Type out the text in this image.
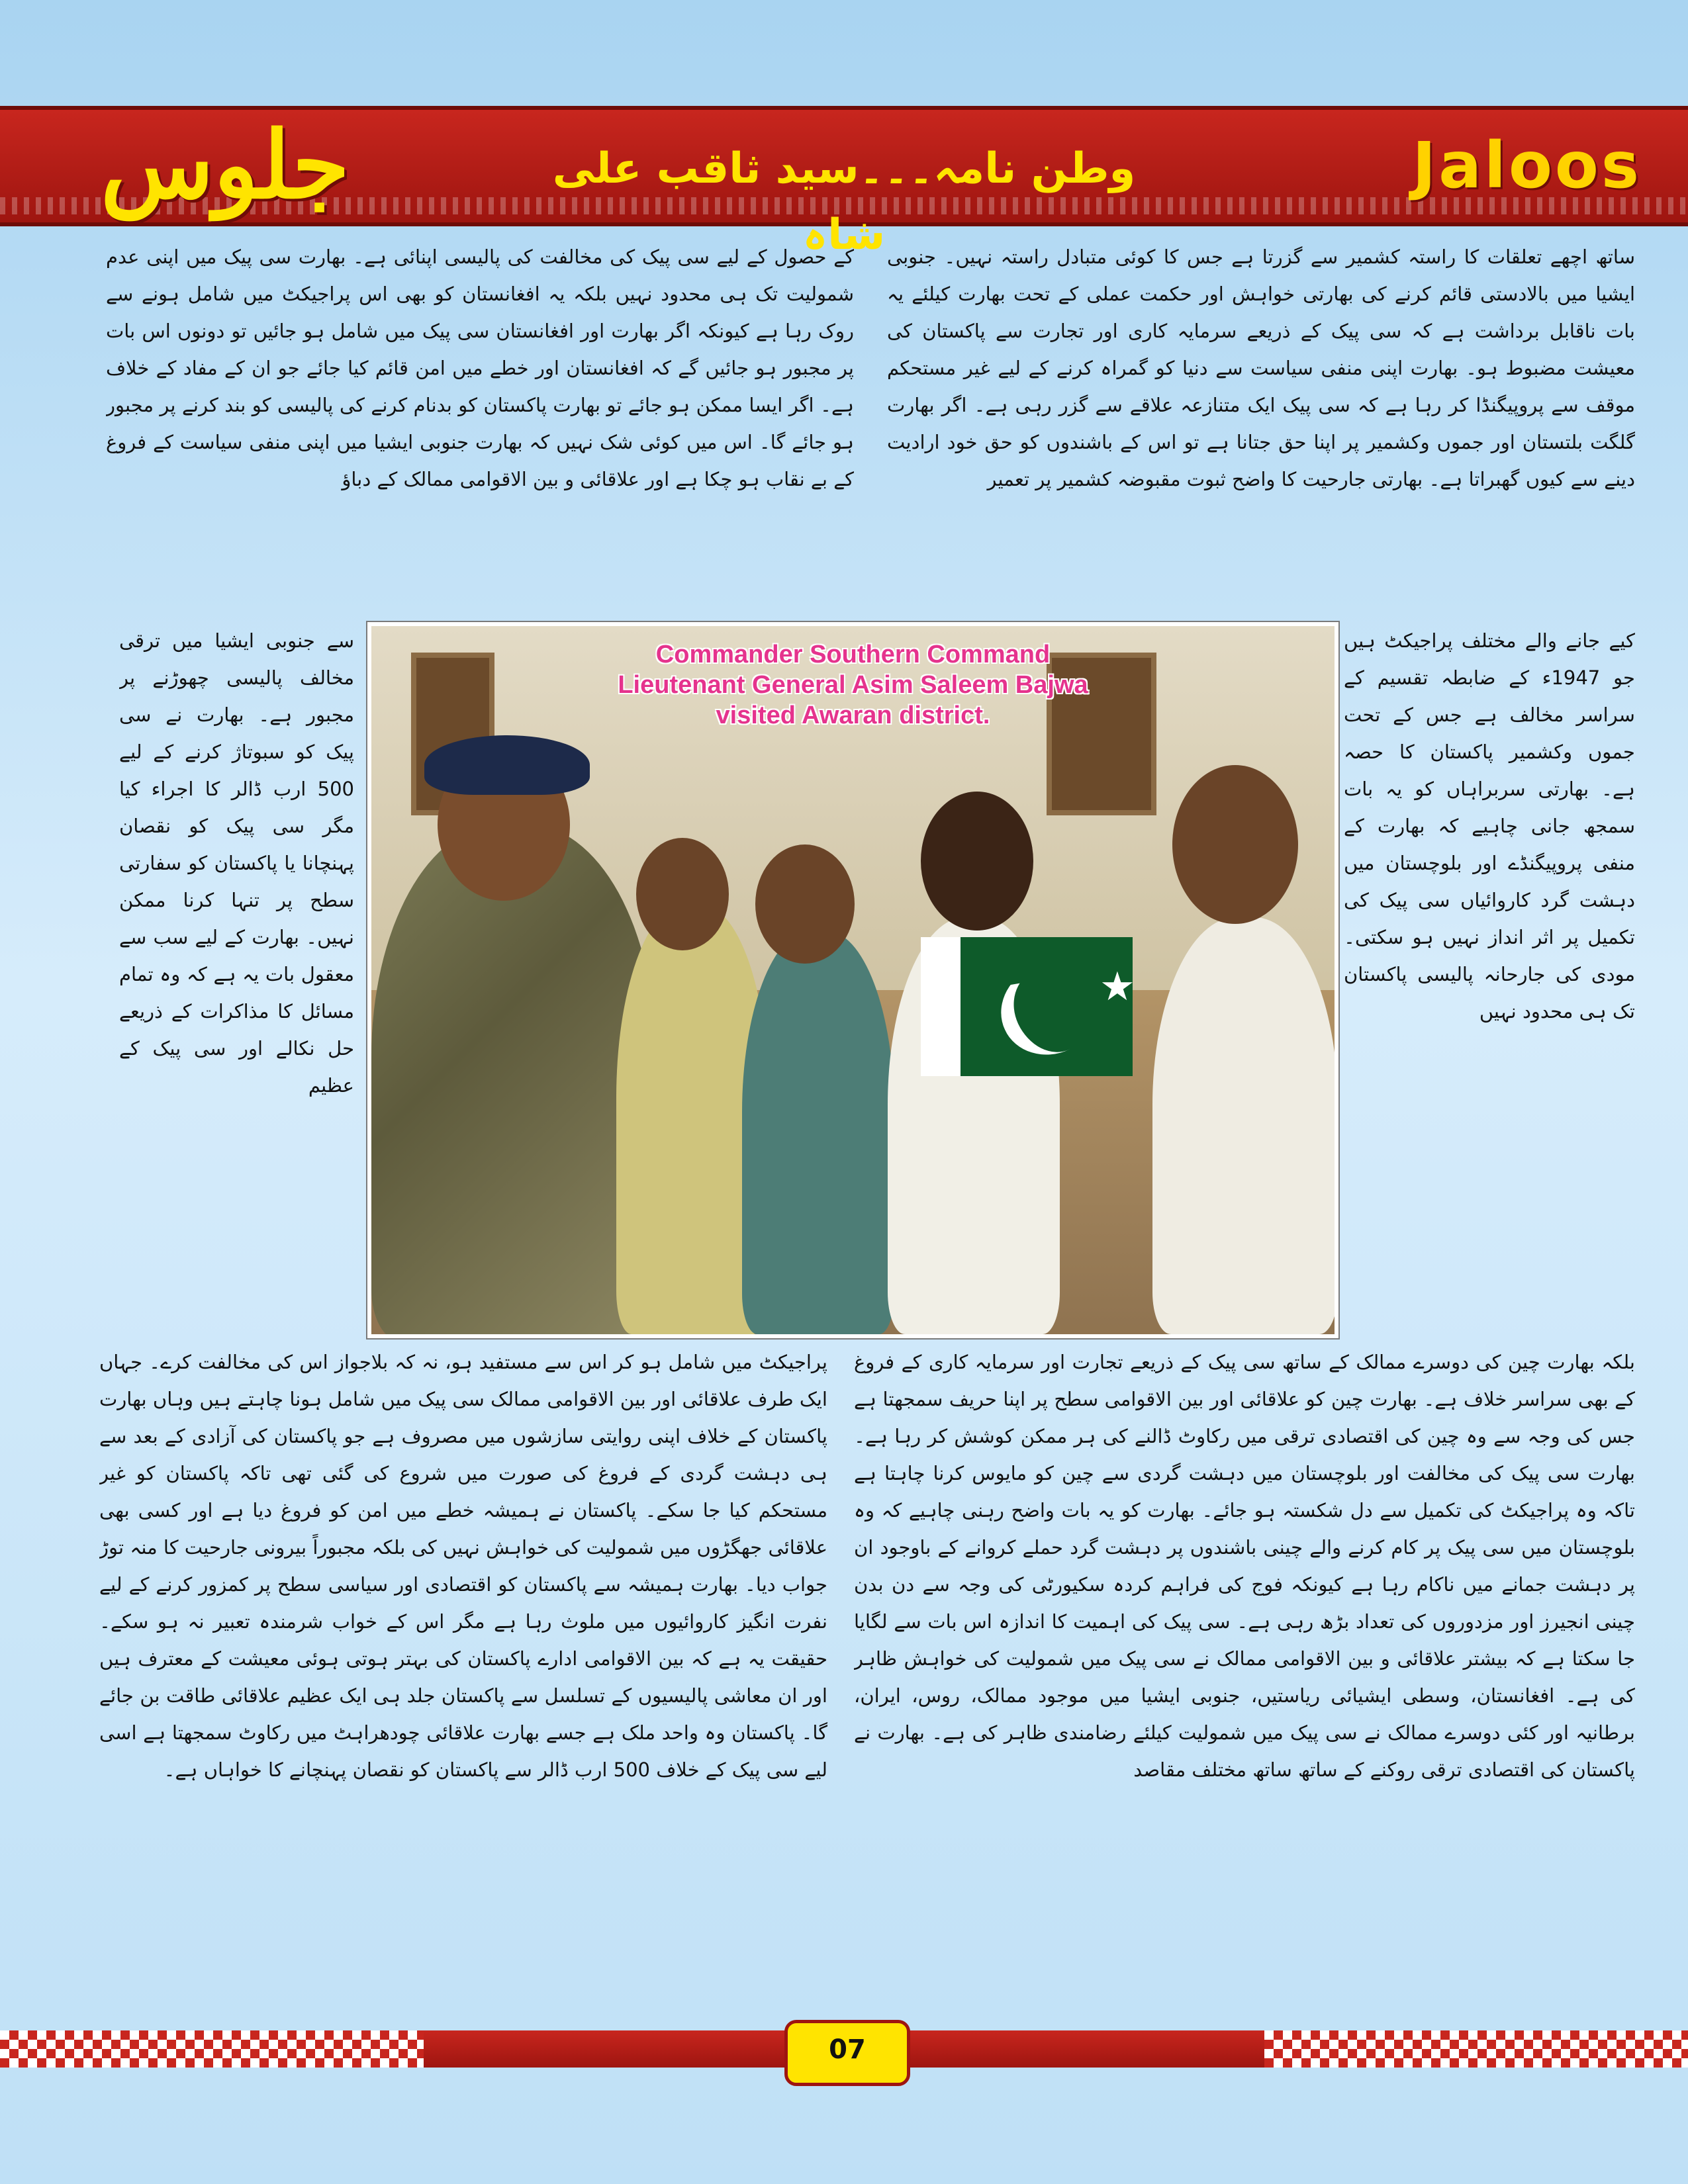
جلوس	وطن نامہ۔۔۔سید ثاقب علی شاہ
Jaloos

ساتھ اچھے تعلقات کا راستہ کشمیر سے گزرتا ہے جس کا کوئی متبادل راستہ نہیں۔ جنوبی ایشیا میں بالادستی قائم کرنے کی بھارتی خواہش اور حکمت عملی کے تحت بھارت کیلئے یہ بات ناقابل برداشت ہے کہ سی پیک کے ذریعے سرمایہ کاری اور تجارت سے پاکستان کی معیشت مضبوط ہو۔ بھارت اپنی منفی سیاست سے دنیا کو گمراہ کرنے کے لیے غیر مستحکم موقف سے پروپیگنڈا کر رہا ہے کہ سی پیک ایک متنازعہ علاقے سے گزر رہی ہے۔ اگر بھارت گلگت بلتستان اور جموں وکشمیر پر اپنا حق جتانا ہے تو اس کے باشندوں کو حق خود ارادیت دینے سے کیوں گھبراتا ہے۔ بھارتی جارحیت کا واضح ثبوت مقبوضہ کشمیر پر تعمیر

کے حصول کے لیے سی پیک کی مخالفت کی پالیسی اپنائی ہے۔ بھارت سی پیک میں اپنی عدم شمولیت تک ہی محدود نہیں بلکہ یہ افغانستان کو بھی اس پراجیکٹ میں شامل ہونے سے روک رہا ہے کیونکہ اگر بھارت اور افغانستان سی پیک میں شامل ہو جائیں تو دونوں اس بات پر مجبور ہو جائیں گے کہ افغانستان اور خطے میں امن قائم کیا جائے جو ان کے مفاد کے خلاف ہے۔ اگر ایسا ممکن ہو جائے تو بھارت پاکستان کو بدنام کرنے کی پالیسی کو بند کرنے پر مجبور ہو جائے گا۔ اس میں کوئی شک نہیں کہ بھارت جنوبی ایشیا میں اپنی منفی سیاست کے فروغ کے بے نقاب ہو چکا ہے اور علاقائی و بین الاقوامی ممالک کے دباؤ

کیے جانے والے مختلف پراجیکٹ ہیں جو 1947ء کے ضابطہ تقسیم کے سراسر مخالف ہے جس کے تحت جموں وکشمیر پاکستان کا حصہ ہے۔ بھارتی سربراہاں کو یہ بات سمجھ جانی چاہیے کہ بھارت کے منفی پروپیگنڈے اور بلوچستان میں دہشت گرد کاروائیاں سی پیک کی تکمیل پر اثر انداز نہیں ہو سکتی۔ مودی کی جارحانہ پالیسی پاکستان تک ہی محدود نہیں

سے جنوبی ایشیا میں ترقی مخالف پالیسی چھوڑنے پر مجبور ہے۔ بھارت نے سی پیک کو سبوتاژ کرنے کے لیے 500 ارب ڈالر کا اجراء کیا مگر سی پیک کو نقصان پہنچانا یا پاکستان کو سفارتی سطح پر تنہا کرنا ممکن نہیں۔ بھارت کے لیے سب سے معقول بات یہ ہے کہ وہ تمام مسائل کا مذاکرات کے ذریعے حل نکالے اور سی پیک کے عظیم

★
Commander Southern Command
Lieutenant General Asim Saleem Bajwa
visited Awaran district.

بلکہ بھارت چین کی دوسرے ممالک کے ساتھ سی پیک کے ذریعے تجارت اور سرمایہ کاری کے فروغ کے بھی سراسر خلاف ہے۔ بھارت چین کو علاقائی اور بین الاقوامی سطح پر اپنا حریف سمجھتا ہے جس کی وجہ سے وہ چین کی اقتصادی ترقی میں رکاوٹ ڈالنے کی ہر ممکن کوشش کر رہا ہے۔ بھارت سی پیک کی مخالفت اور بلوچستان میں دہشت گردی سے چین کو مایوس کرنا چاہتا ہے تاکہ وہ پراجیکٹ کی تکمیل سے دل شکستہ ہو جائے۔ بھارت کو یہ بات واضح رہنی چاہیے کہ وہ بلوچستان میں سی پیک پر کام کرنے والے چینی باشندوں پر دہشت گرد حملے کروانے کے باوجود ان پر دہشت جمانے میں ناکام رہا ہے کیونکہ فوج کی فراہم کردہ سکیورٹی کی وجہ سے دن بدن چینی انجیرز اور مزدوروں کی تعداد بڑھ رہی ہے۔ سی پیک کی اہمیت کا اندازہ اس بات سے لگایا جا سکتا ہے کہ بیشتر علاقائی و بین الاقوامی ممالک نے سی پیک میں شمولیت کی خواہش ظاہر کی ہے۔ افغانستان، وسطی ایشیائی ریاستیں، جنوبی ایشیا میں موجود ممالک، روس، ایران، برطانیہ اور کئی دوسرے ممالک نے سی پیک میں شمولیت کیلئے رضامندی ظاہر کی ہے۔ بھارت نے پاکستان کی اقتصادی ترقی روکنے کے ساتھ ساتھ مختلف مقاصد

پراجیکٹ میں شامل ہو کر اس سے مستفید ہو، نہ کہ بلاجواز اس کی مخالفت کرے۔ جہاں ایک طرف علاقائی اور بین الاقوامی ممالک سی پیک میں شامل ہونا چاہتے ہیں وہاں بھارت پاکستان کے خلاف اپنی روایتی سازشوں میں مصروف ہے جو پاکستان کی آزادی کے بعد سے ہی دہشت گردی کے فروغ کی صورت میں شروع کی گئی تھی تاکہ پاکستان کو غیر مستحکم کیا جا سکے۔ پاکستان نے ہمیشہ خطے میں امن کو فروغ دیا ہے اور کسی بھی علاقائی جھگڑوں میں شمولیت کی خواہش نہیں کی بلکہ مجبوراً بیرونی جارحیت کا منہ توڑ جواب دیا۔ بھارت ہمیشہ سے پاکستان کو اقتصادی اور سیاسی سطح پر کمزور کرنے کے لیے نفرت انگیز کاروائیوں میں ملوث رہا ہے مگر اس کے خواب شرمندہ تعبیر نہ ہو سکے۔ حقیقت یہ ہے کہ بین الاقوامی ادارے پاکستان کی بہتر ہوتی ہوئی معیشت کے معترف ہیں اور ان معاشی پالیسیوں کے تسلسل سے پاکستان جلد ہی ایک عظیم علاقائی طاقت بن جائے گا۔ پاکستان وہ واحد ملک ہے جسے بھارت علاقائی چودھراہٹ میں رکاوٹ سمجھتا ہے اسی لیے سی پیک کے خلاف 500 ارب ڈالر سے پاکستان کو نقصان پہنچانے کا خواہاں ہے۔

07
